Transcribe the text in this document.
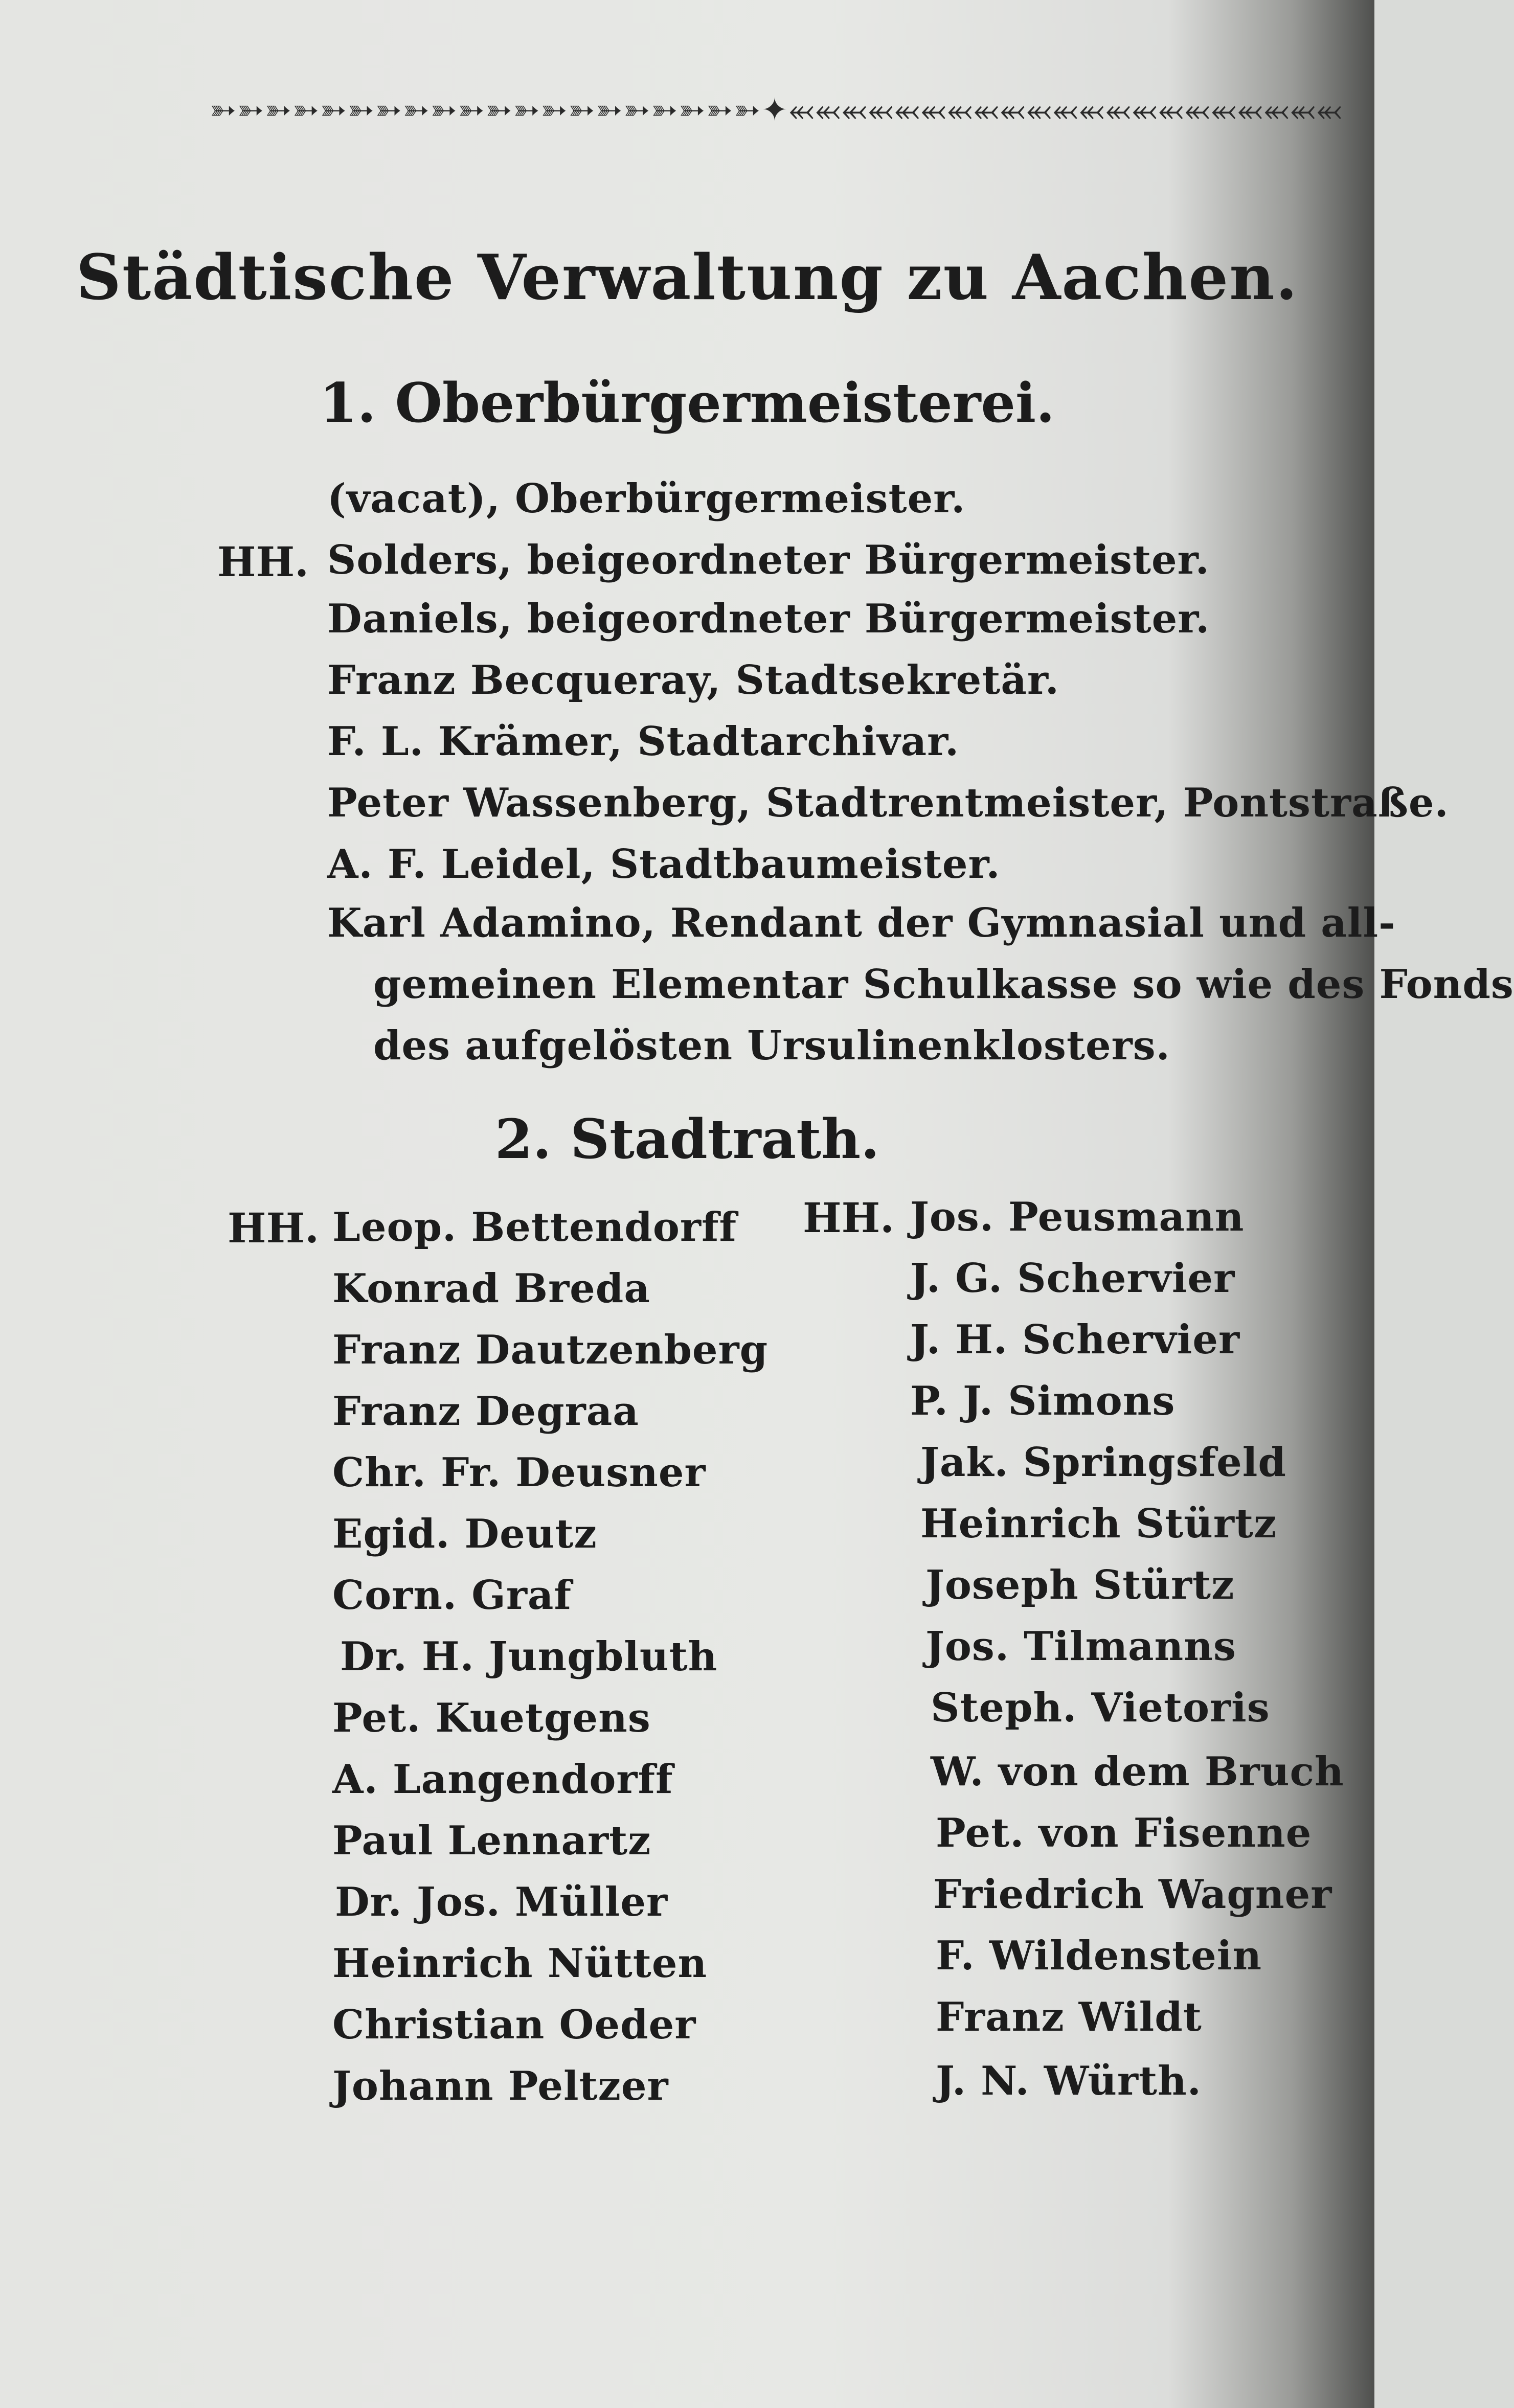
➳➳➳➳➳➳➳➳➳➳➳➳➳➳➳➳➳➳➳➳✦⬻⬻⬻⬻⬻⬻⬻⬻⬻⬻⬻⬻⬻⬻⬻⬻⬻⬻⬻⬻⬻
Städtische Verwaltung zu Aachen.
1. Oberbürgermeisterei.
HH.
(vacat), Oberbürgermeister.
Solders, beigeordneter Bürgermeister.
Daniels, beigeordneter Bürgermeister.
Franz Becqueray, Stadtsekretär.
F. L. Krämer, Stadtarchivar.
Peter Wassenberg, Stadtrentmeister, Pontstraße.
A. F. Leidel, Stadtbaumeister.
Karl Adamino, Rendant der Gymnasial und all-
gemeinen Elementar Schulkasse so wie des Fonds
des aufgelösten Ursulinenklosters.
2. Stadtrath.
HH.	HH.
Leop. Bettendorff
Konrad Breda
Franz Dautzenberg
Franz Degraa
Chr. Fr. Deusner
Egid. Deutz
Corn. Graf
Dr. H. Jungbluth
Pet. Kuetgens
A. Langendorff
Paul Lennartz
Dr. Jos. Müller
Heinrich Nütten
Christian Oeder
Johann Peltzer
Jos. Peusmann
J. G. Schervier
J. H. Schervier
P. J. Simons
Jak. Springsfeld
Heinrich Stürtz
Joseph Stürtz
Jos. Tilmanns
Steph. Vietoris
W. von dem Bruch
Pet. von Fisenne
Friedrich Wagner
F. Wildenstein
Franz Wildt
J. N. Würth.
